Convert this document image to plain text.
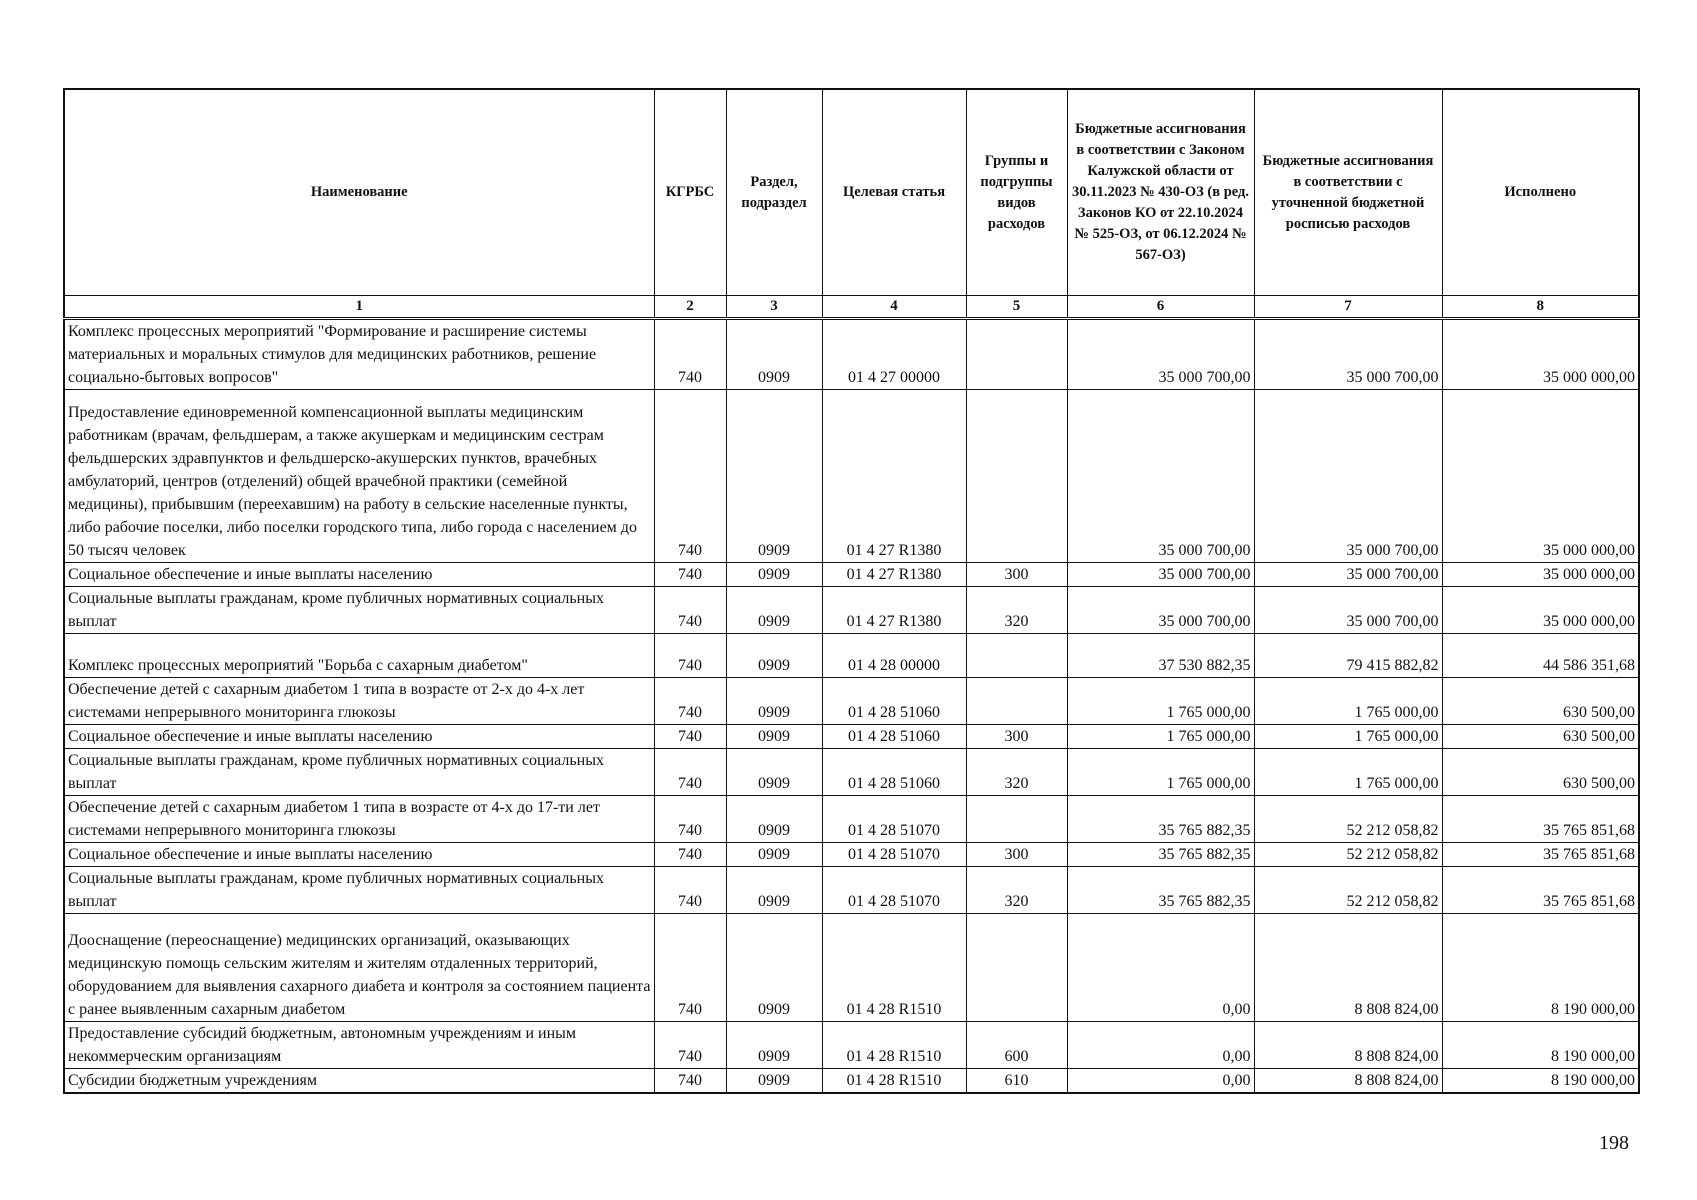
Наименование	КГРБС	Раздел, подраздел	Целевая статья	Группы и подгруппы видов расходов	Бюджетные ассигнования в соответствии с Законом Калужской области от 30.11.2023 № 430-ОЗ (в ред. Законов КО от 22.10.2024 № 525-ОЗ, от 06.12.2024 № 567-ОЗ)	Бюджетные ассигнования в соответствии с уточненной бюджетной росписью расходов	Исполнено
1	2	3	4	5	6	7	8
Комплекс процессных мероприятий "Формирование и расширение системы материальных и моральных стимулов для медицинских работников, решение социально-бытовых вопросов"	740	0909	01 4 27 00000		35 000 700,00	35 000 700,00	35 000 000,00
Предоставление единовременной компенсационной выплаты медицинским работникам (врачам, фельдшерам, а также акушеркам и медицинским сестрам фельдшерских здравпунктов и фельдшерско-акушерских пунктов, врачебных амбулаторий, центров (отделений) общей врачебной практики (семейной медицины), прибывшим (переехавшим) на работу в сельские населенные пункты, либо рабочие поселки, либо поселки городского типа, либо города с населением до 50 тысяч человек	740	0909	01 4 27 R1380		35 000 700,00	35 000 700,00	35 000 000,00
Социальное обеспечение и иные выплаты населению	740	0909	01 4 27 R1380	300	35 000 700,00	35 000 700,00	35 000 000,00
Социальные выплаты гражданам, кроме публичных нормативных социальных выплат	740	0909	01 4 27 R1380	320	35 000 700,00	35 000 700,00	35 000 000,00
Комплекс процессных мероприятий "Борьба с сахарным диабетом"	740	0909	01 4 28 00000		37 530 882,35	79 415 882,82	44 586 351,68
Обеспечение детей с сахарным диабетом 1 типа в возрасте от 2-х до 4-х лет системами непрерывного мониторинга глюкозы	740	0909	01 4 28 51060		1 765 000,00	1 765 000,00	630 500,00
Социальное обеспечение и иные выплаты населению	740	0909	01 4 28 51060	300	1 765 000,00	1 765 000,00	630 500,00
Социальные выплаты гражданам, кроме публичных нормативных социальных выплат	740	0909	01 4 28 51060	320	1 765 000,00	1 765 000,00	630 500,00
Обеспечение детей с сахарным диабетом 1 типа в возрасте от 4-х до 17-ти лет системами непрерывного мониторинга глюкозы	740	0909	01 4 28 51070		35 765 882,35	52 212 058,82	35 765 851,68
Социальное обеспечение и иные выплаты населению	740	0909	01 4 28 51070	300	35 765 882,35	52 212 058,82	35 765 851,68
Социальные выплаты гражданам, кроме публичных нормативных социальных выплат	740	0909	01 4 28 51070	320	35 765 882,35	52 212 058,82	35 765 851,68
Дооснащение (переоснащение) медицинских организаций, оказывающих медицинскую помощь сельским жителям и жителям отдаленных территорий, оборудованием для выявления сахарного диабета и контроля за состоянием пациента с ранее выявленным сахарным диабетом	740	0909	01 4 28 R1510		0,00	8 808 824,00	8 190 000,00
Предоставление субсидий бюджетным, автономным учреждениям и иным некоммерческим организациям	740	0909	01 4 28 R1510	600	0,00	8 808 824,00	8 190 000,00
Субсидии бюджетным учреждениям	740	0909	01 4 28 R1510	610	0,00	8 808 824,00	8 190 000,00
198
